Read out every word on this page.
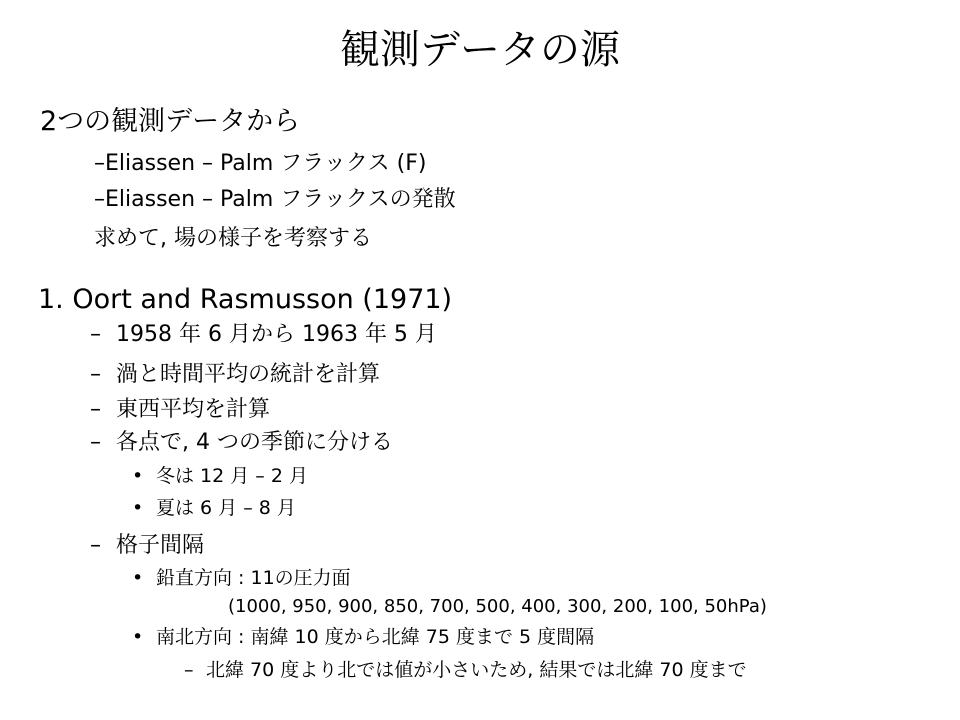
観測データの源
2つの観測データから
–Eliassen – Palm フラックス (F)
–Eliassen – Palm フラックスの発散
求めて, 場の様子を考察する
1. Oort and Rasmusson (1971)
– 1958 年 6 月から 1963 年 5 月
– 渦と時間平均の統計を計算
– 東西平均を計算
– 各点で, 4 つの季節に分ける
• 冬は 12 月 – 2 月
• 夏は 6 月 – 8 月
– 格子間隔
• 鉛直方向 : 11の圧力面
(1000, 950, 900, 850, 700, 500, 400, 300, 200, 100, 50hPa)
• 南北方向 : 南緯 10 度から北緯 75 度まで 5 度間隔
– 北緯 70 度より北では値が小さいため, 結果では北緯 70 度まで
